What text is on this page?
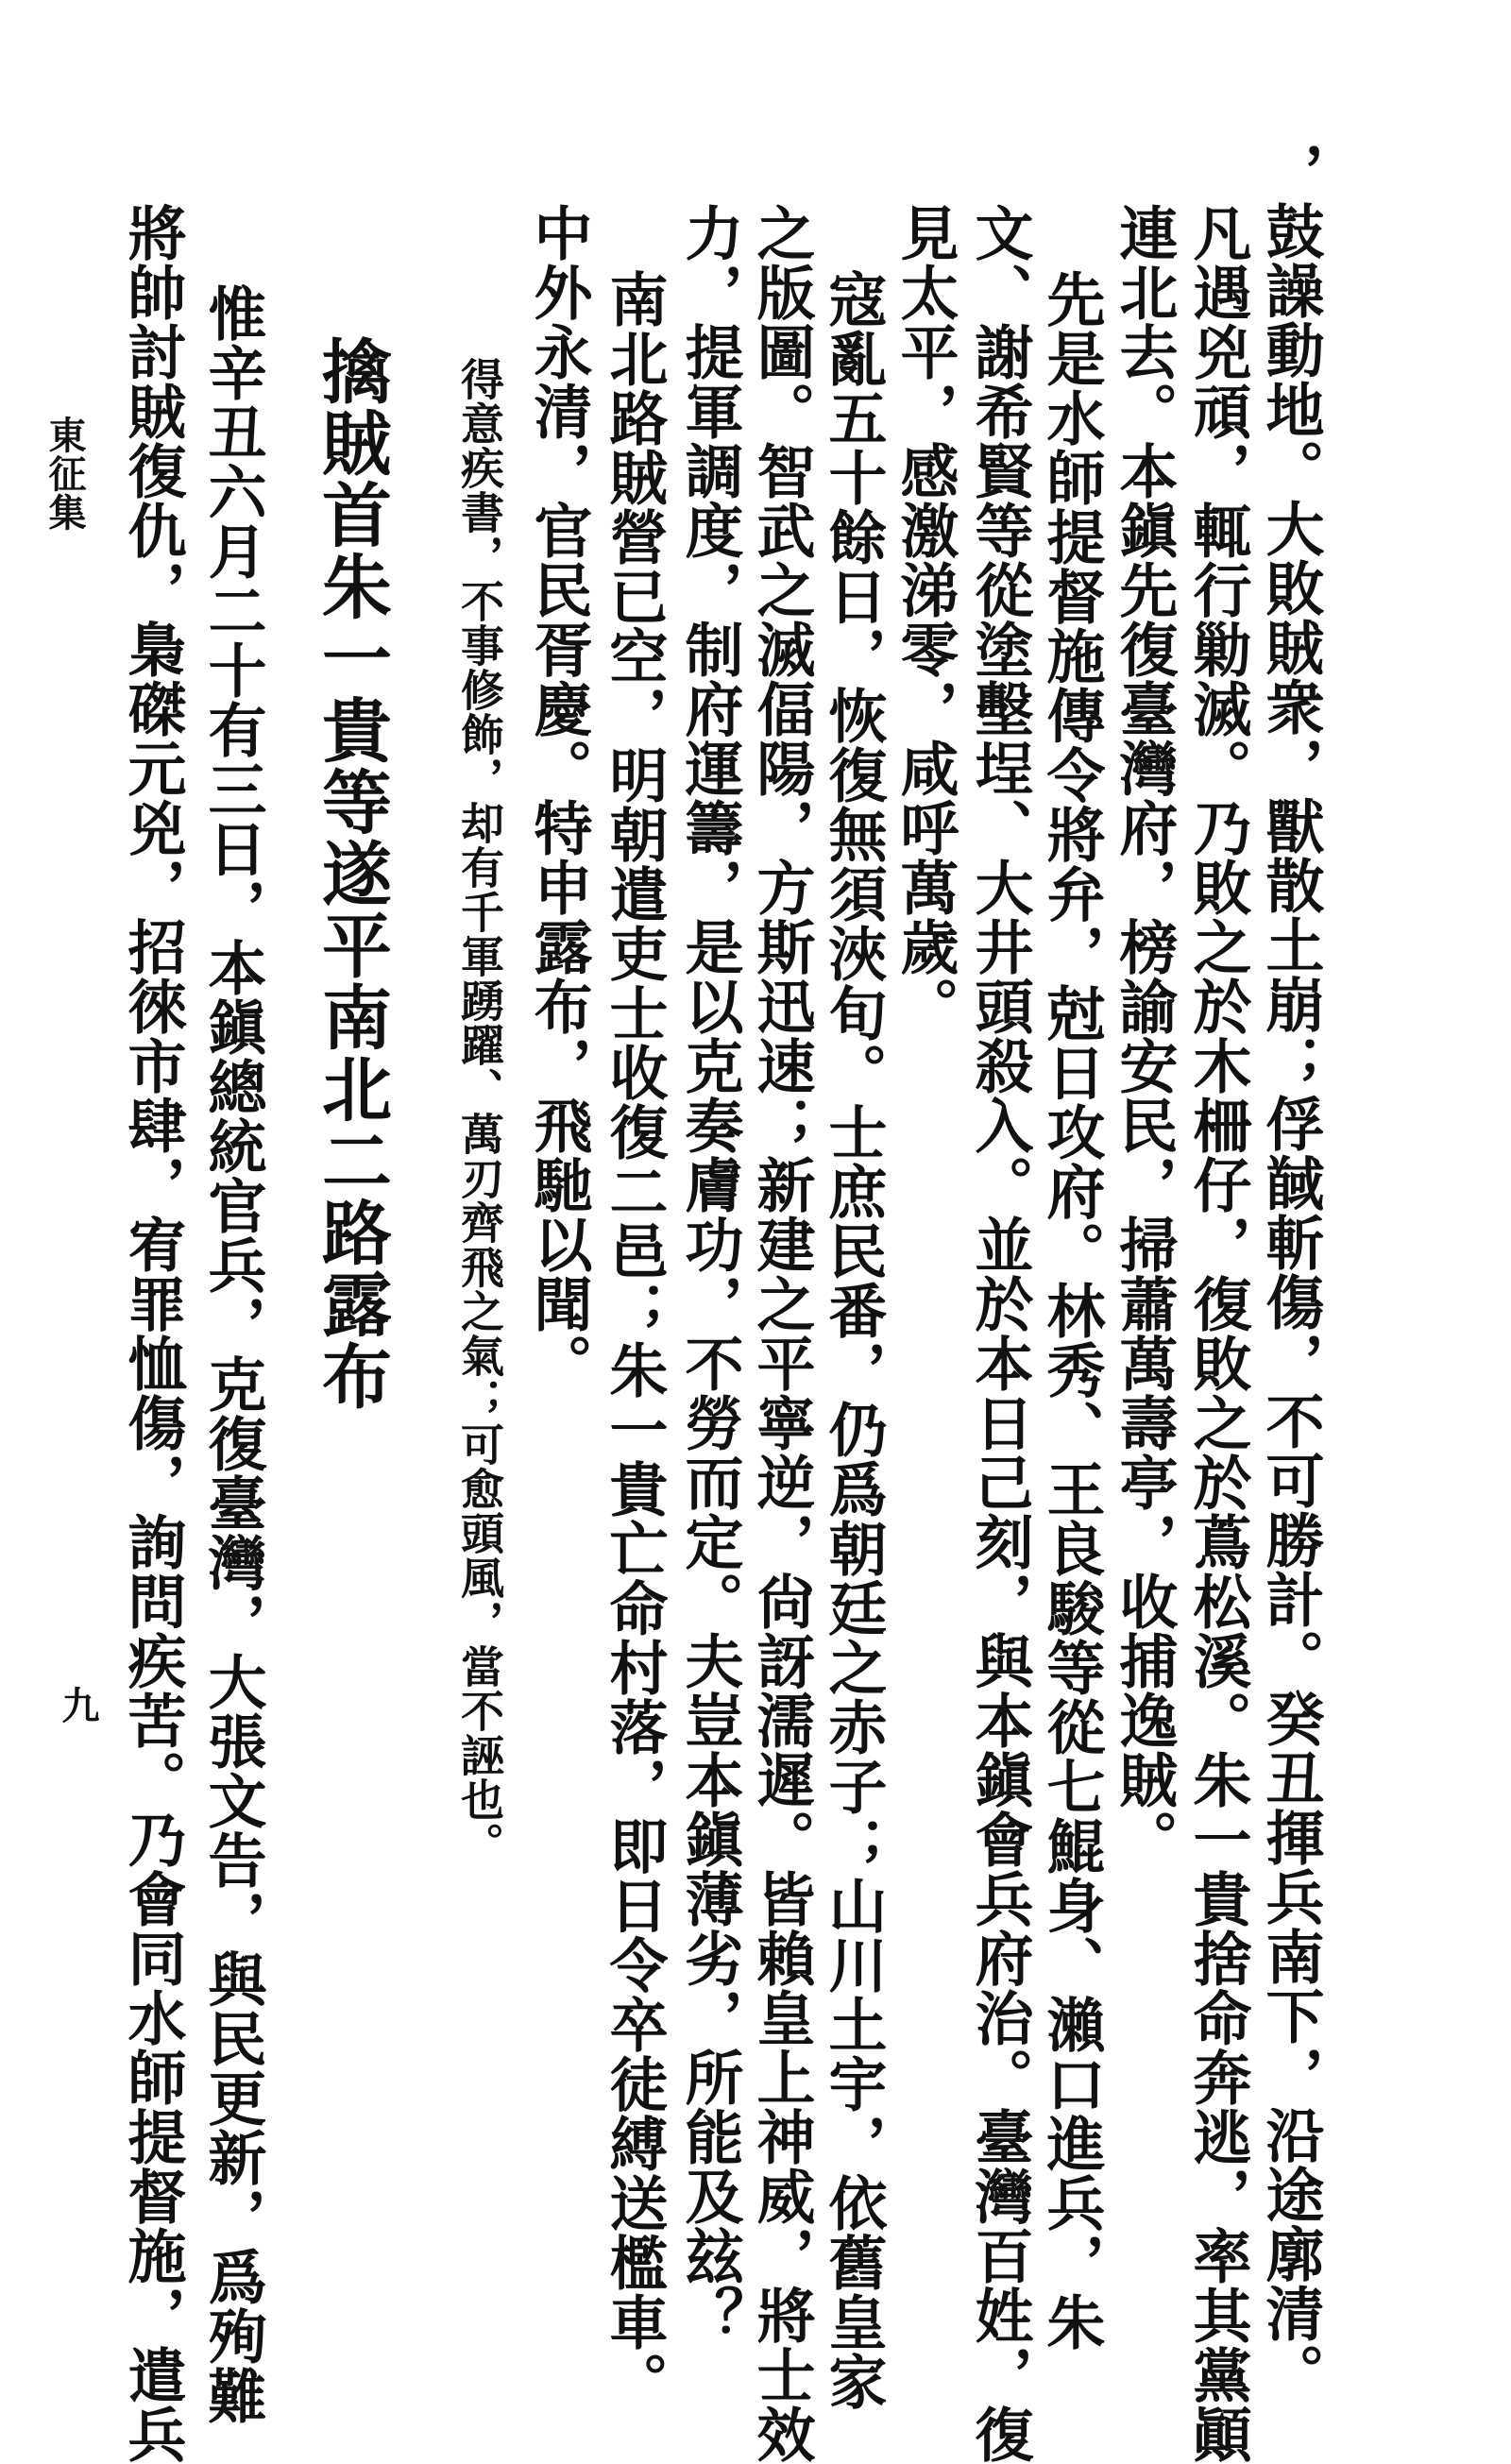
，鼓譟動地。大敗賊衆，獸散土崩；俘馘斬傷，不可勝計。癸丑揮兵南下，沿途廓清。
凡遇兇頑，輒行勦滅。乃敗之於木柵仔，復敗之於蔦松溪。朱一貴捨命奔逃，率其黨顚
連北去。本鎭先復臺灣府，榜諭安民，掃蕭萬壽亭，收捕逸賊。
先是水師提督施傳令將弁，尅日攻府。林秀、王良駿等從七鯤身、瀨口進兵，朱
文、謝希賢等從塗墼埕、大井頭殺入。並於本日己刻，與本鎭會兵府治。臺灣百姓，復
見太平，感激涕零，咸呼萬歲。
寇亂五十餘日，恢復無須浹旬。士庶民番，仍爲朝廷之赤子；山川土宇，依舊皇家
之版圖。智武之滅偪陽，方斯迅速；新建之平寧逆，尙訝濡遲。皆賴皇上神威，將士效
力，提軍調度，制府運籌，是以克奏膚功，不勞而定。夫豈本鎭薄劣，所能及玆？
南北路賊營已空，明朝遣吏士收復二邑；朱一貴亡命村落，即日令卒徒縛送檻車。
中外永清，官民胥慶。特申露布，飛馳以聞。
得意疾書，不事修飾，却有千軍踴躍、萬刃齊飛之氣；可愈頭風，當不誣也。
擒賊首朱一貴等遂平南北二路露布
惟辛丑六月二十有三日，本鎭總統官兵，克復臺灣，大張文告，與民更新，爲殉難
將帥討賊復仇，梟磔元兇，招徠市肆，宥罪恤傷，詢問疾苦。乃會同水師提督施，遣兵
東征集
九
